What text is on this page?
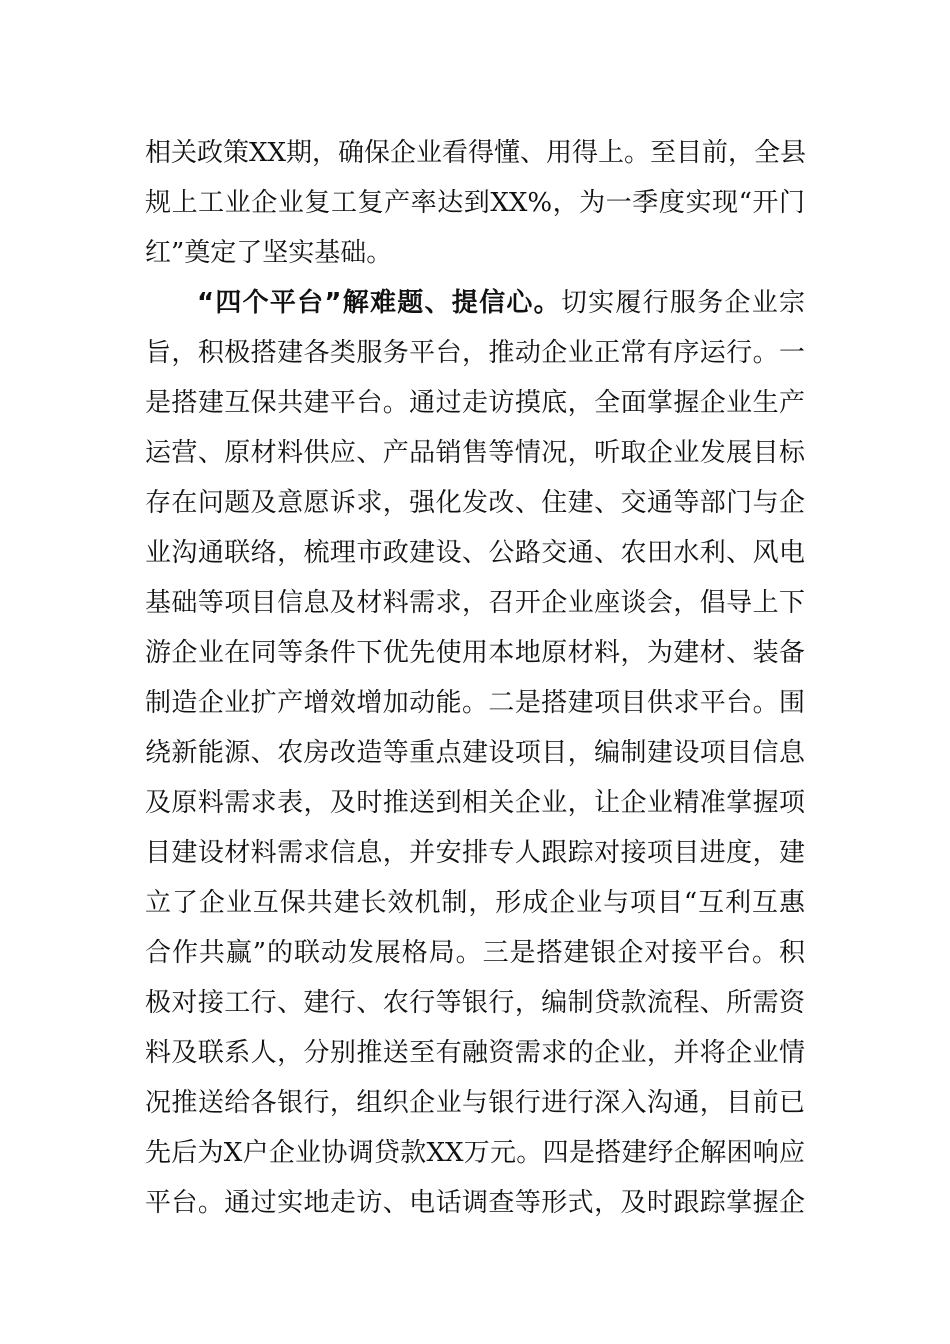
相关政策XX期，确保企业看得懂、用得上。至目前，全县
规上工业企业复工复产率达到XX%，为一季度实现“开门
红”奠定了坚实基础。

“四个平台”解难题、提信心。切实履行服务企业宗
旨，积极搭建各类服务平台，推动企业正常有序运行。一
是搭建互保共建平台。通过走访摸底，全面掌握企业生产
运营、原材料供应、产品销售等情况，听取企业发展目标
存在问题及意愿诉求，强化发改、住建、交通等部门与企
业沟通联络，梳理市政建设、公路交通、农田水利、风电
基础等项目信息及材料需求，召开企业座谈会，倡导上下
游企业在同等条件下优先使用本地原材料，为建材、装备
制造企业扩产增效增加动能。二是搭建项目供求平台。围
绕新能源、农房改造等重点建设项目，编制建设项目信息
及原料需求表，及时推送到相关企业，让企业精准掌握项
目建设材料需求信息，并安排专人跟踪对接项目进度，建
立了企业互保共建长效机制，形成企业与项目“互利互惠
合作共赢”的联动发展格局。三是搭建银企对接平台。积
极对接工行、建行、农行等银行，编制贷款流程、所需资
料及联系人，分别推送至有融资需求的企业，并将企业情
况推送给各银行，组织企业与银行进行深入沟通，目前已
先后为X户企业协调贷款XX万元。四是搭建纾企解困响应
平台。通过实地走访、电话调查等形式，及时跟踪掌握企
